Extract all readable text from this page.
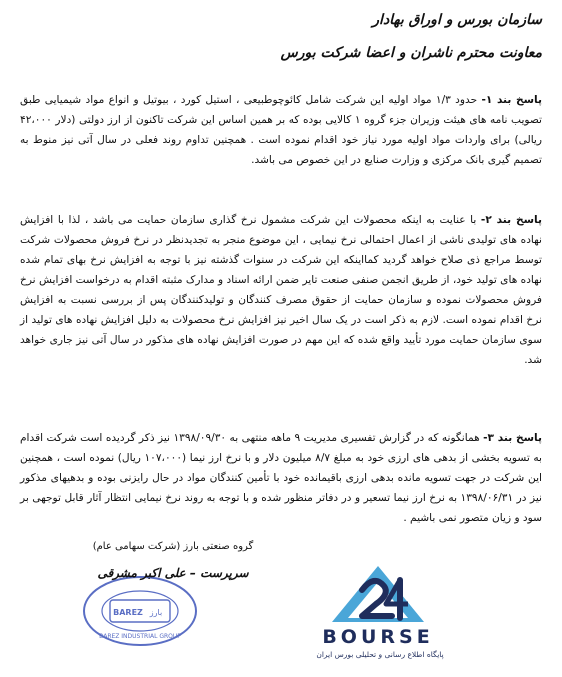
سازمان بورس و اوراق بهادار
معاونت محترم ناشران و اعضا شرکت بورس
پاسخ بند ۱- حدود ۱/۳ مواد اولیه این شرکت شامل کائوچوطبیعی ، استیل کورد ، بیوتیل و انواع مواد شیمیایی طبق تصویب نامه های هیئت وزیران جزء گروه ۱ کالایی بوده که بر همین اساس این شرکت تاکنون از ارز دولتی (دلار ۴۲،۰۰۰ ریالی) برای واردات مواد اولیه مورد نیاز خود اقدام نموده است . همچنین تداوم روند فعلی در سال آتی نیز منوط به تصمیم گیری بانک مرکزی و وزارت صنایع در این خصوص می باشد.
پاسخ بند ۲- با عنایت به اینکه محصولات این شرکت مشمول نرخ گذاری سازمان حمایت می باشد ، لذا با افزایش نهاده های تولیدی ناشی از اعمال احتمالی نرخ نیمایی ، این موضوع منجر به تجدیدنظر در نرخ فروش محصولات شرکت توسط مراجع ذی صلاح خواهد گردید کمااینکه این شرکت در سنوات گذشته نیز با توجه به افزایش نرخ بهای تمام شده نهاده های تولید خود، از طریق انجمن صنفی صنعت تایر ضمن ارائه اسناد و مدارک مثبته اقدام به درخواست افزایش نرخ فروش محصولات نموده و سازمان حمایت از حقوق مصرف کنندگان و تولیدکنندگان پس از بررسی نسبت به افزایش نرخ اقدام نموده است. لازم به ذکر است در یک سال اخیر نیز افزایش نرخ محصولات به دلیل افزایش نهاده های تولید از سوی سازمان حمایت مورد تأیید واقع شده که این مهم در صورت افزایش نهاده های مذکور در سال آتی نیز جاری خواهد شد.
پاسخ بند ۳- همانگونه که در گزارش تفسیری مدیریت ۹ ماهه منتهی به ۱۳۹۸/۰۹/۳۰ نیز ذکر گردیده است شرکت اقدام به تسویه بخشی از بدهی های ارزی خود به مبلغ ۸/۷ میلیون دلار و با نرخ ارز نیما (۱۰۷،۰۰۰ ریال) نموده است ، همچنین این شرکت در جهت تسویه مانده بدهی ارزی باقیمانده خود با تأمین کنندگان مواد در حال رایزنی بوده و بدهیهای مذکور نیز در ۱۳۹۸/۰۶/۳۱ به نرخ ارز نیما تسعیر و در دفاتر منظور شده و با توجه به روند نرخ نیمایی انتظار آثار قابل توجهی بر سود و زیان متصور نمی باشیم .
گروه صنعتی بارز (شرکت سهامی عام)
BAREZ بارز
BAREZ INDUSTRIAL GROUP
سرپرست – علی اکبر مشرقی
BOURSE
پایگاه اطلاع رسانی و تحلیلی بورس ایران
